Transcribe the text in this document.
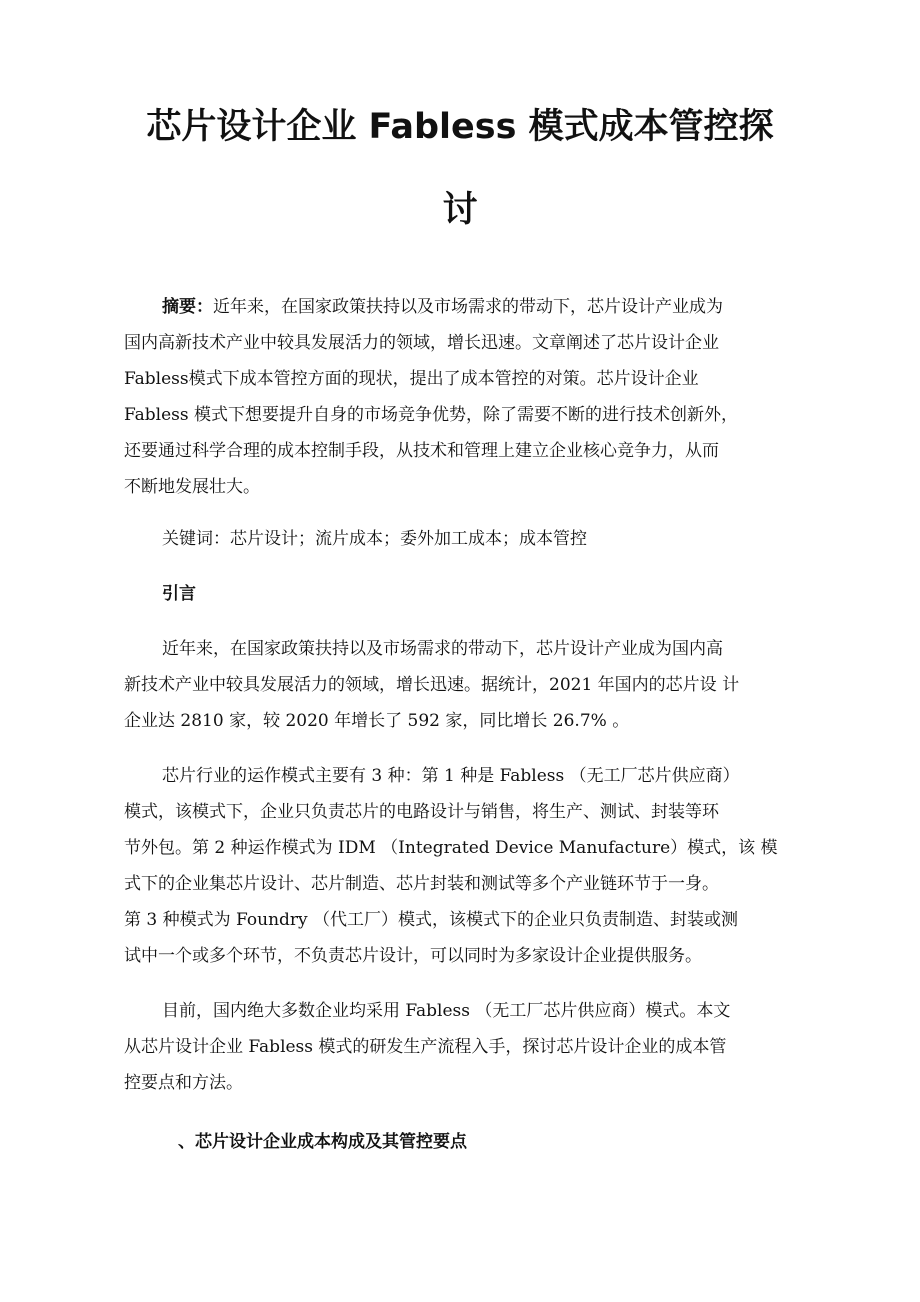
芯片设计企业 Fabless 模式成本管控探
讨
摘要：近年来，在国家政策扶持以及市场需求的带动下，芯片设计产业成为
国内高新技术产业中较具发展活力的领域，增长迅速。文章阐述了芯片设计企业
Fabless模式下成本管控方面的现状，提出了成本管控的对策。芯片设计企业
Fabless 模式下想要提升自身的市场竞争优势，除了需要不断的进行技术创新外，
还要通过科学合理的成本控制手段，从技术和管理上建立企业核心竞争力，从而
不断地发展壮大。
关键词：芯片设计；流片成本；委外加工成本；成本管控
引言
近年来，在国家政策扶持以及市场需求的带动下，芯片设计产业成为国内高
新技术产业中较具发展活力的领域，增长迅速。据统计，2021 年国内的芯片设 计
企业达 2810 家，较 2020 年增长了 592 家，同比增长 26.7% 。
芯片行业的运作模式主要有 3 种：第 1 种是 Fabless （无工厂芯片供应商）
模式，该模式下，企业只负责芯片的电路设计与销售，将生产、测试、封装等环
节外包。第 2 种运作模式为 IDM （Integrated Device Manufacture）模式，该 模
式下的企业集芯片设计、芯片制造、芯片封装和测试等多个产业链环节于一身。
第 3 种模式为 Foundry （代工厂）模式，该模式下的企业只负责制造、封装或测
试中一个或多个环节，不负责芯片设计，可以同时为多家设计企业提供服务。
目前，国内绝大多数企业均采用 Fabless （无工厂芯片供应商）模式。本文
从芯片设计企业 Fabless 模式的研发生产流程入手，探讨芯片设计企业的成本管
控要点和方法。
、芯片设计企业成本构成及其管控要点
